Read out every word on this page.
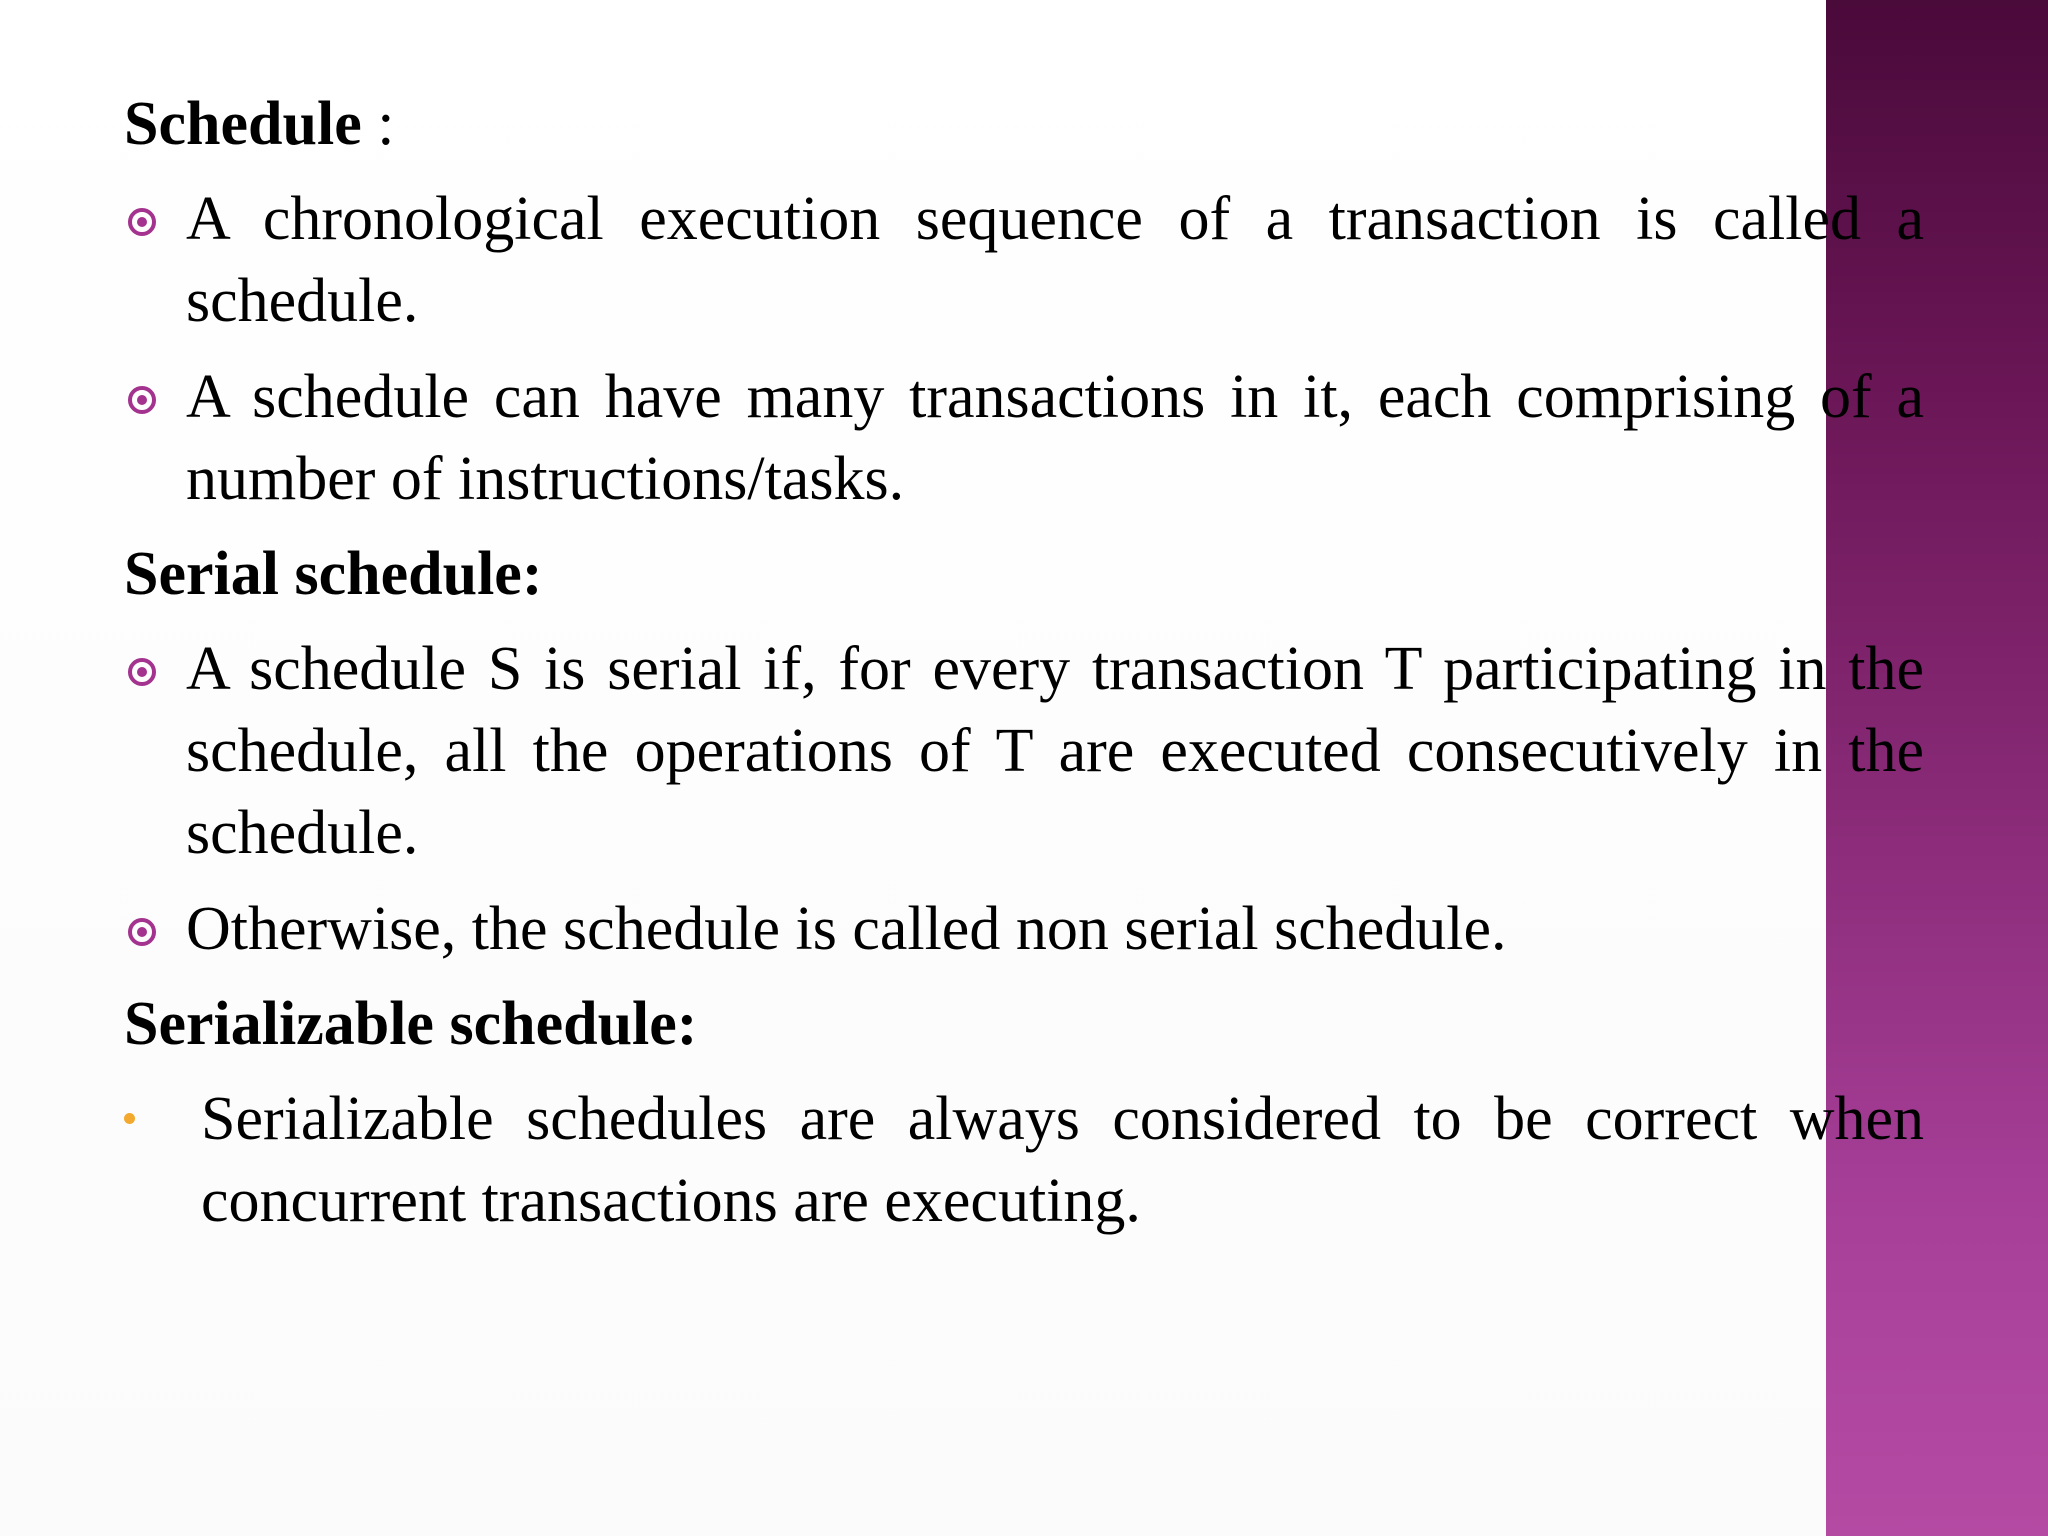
Schedule :
A chronological execution sequence of a transaction is called a schedule.
A schedule can have many transactions in it, each comprising of a number of instructions/tasks.
Serial schedule:
A schedule S is serial if, for every transaction T participating in the schedule, all the operations of T are executed consecutively in the schedule.
Otherwise, the schedule is called non serial schedule.
Serializable schedule:
Serializable schedules are always considered to be correct when concurrent transactions are executing.
